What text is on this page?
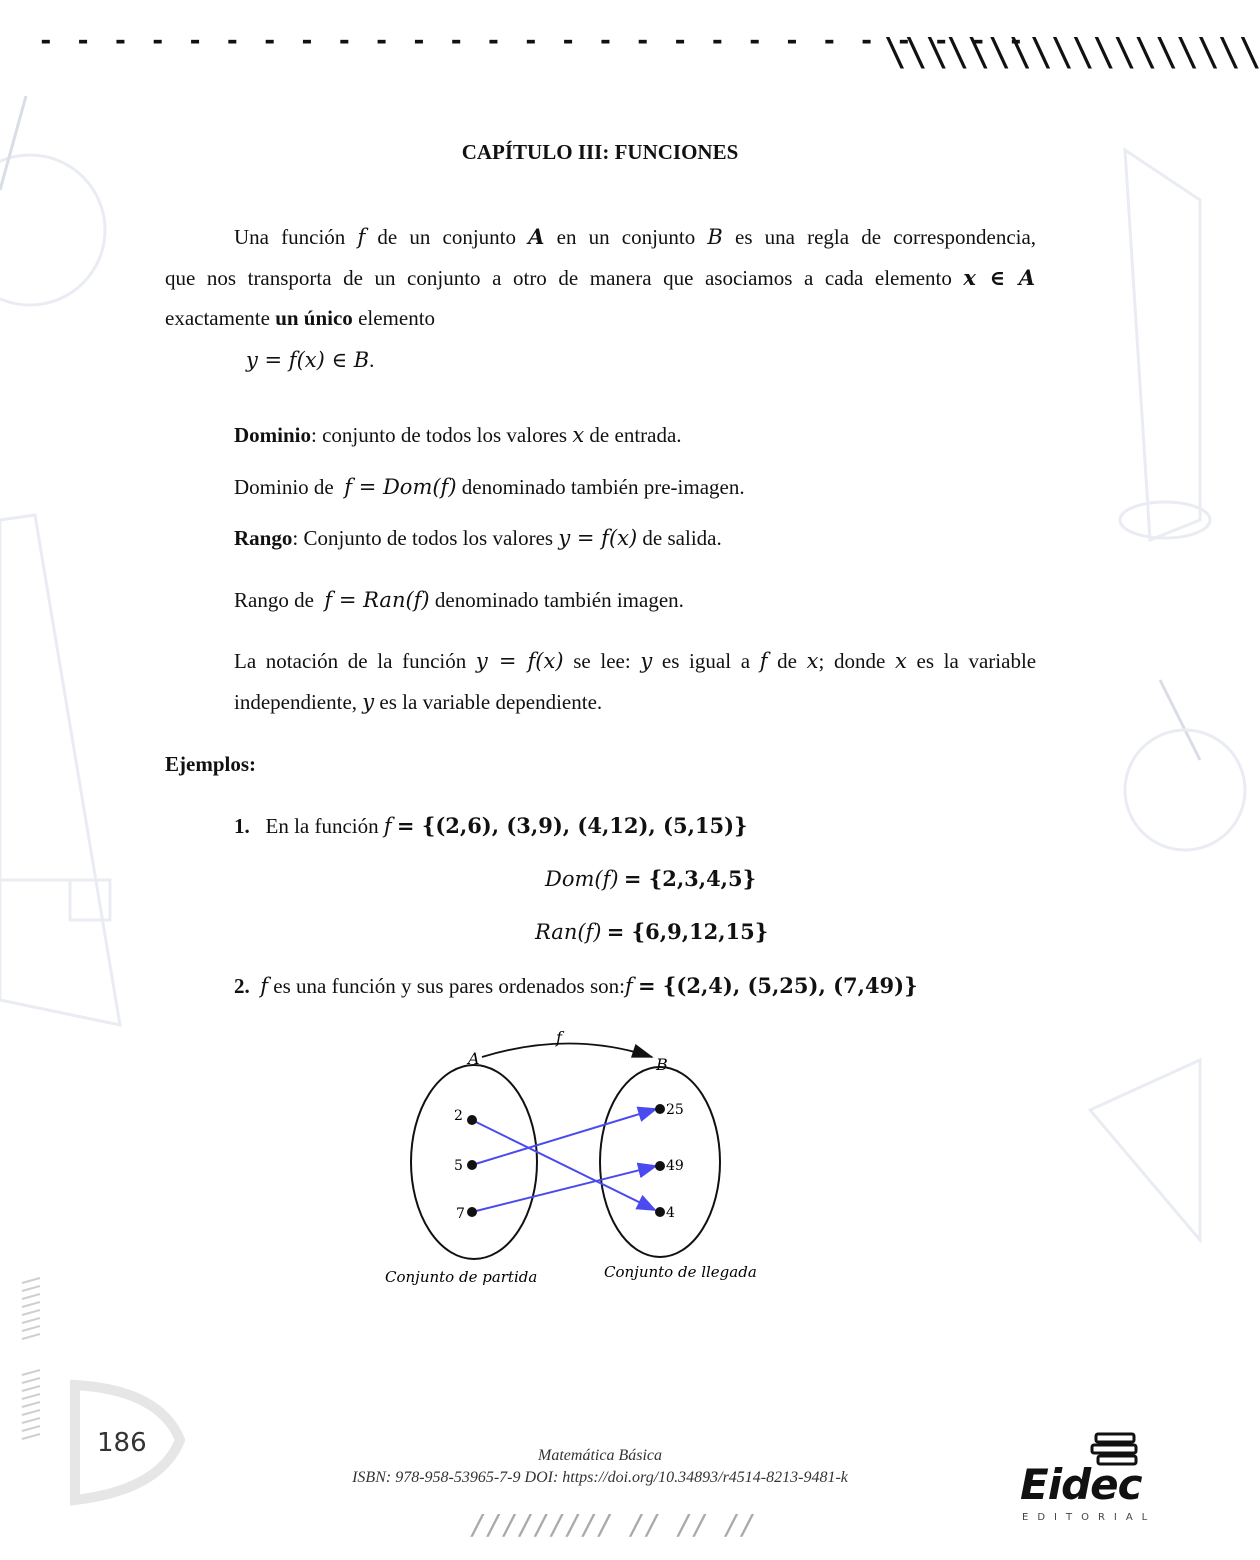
- - - - - - - - - - - - - - - - - - - - - - - - - - -
\\\\\\\\\\\\\\\\\\
CAPÍTULO III: FUNCIONES
Una función f de un conjunto A en un conjunto B es una regla de correspondencia,
que nos transporta de un conjunto a otro de manera que asociamos a cada elemento x ∈ A
exactamente un único elemento
y = f(x) ∈ B.
Dominio: conjunto de todos los valores x de entrada.
Dominio de f = Dom(f) denominado también pre-imagen.
Rango: Conjunto de todos los valores y = f(x) de salida.
Rango de f = Ran(f) denominado también imagen.
La notación de la función y = f(x) se lee: y es igual a f de x; donde x es la variable
independiente, y es la variable dependiente.
Ejemplos:
1. En la función f = {(2,6), (3,9), (4,12), (5,15)}
Dom(f) = {2,3,4,5}
Ran(f) = {6,9,12,15}
2. f es una función y sus pares ordenados son:f = {(2,4), (5,25), (7,49)}
f
A	B
2
5
7
25
49
4
Conjunto de partida	Conjunto de llegada
186	Matemática Básica
ISBN: 978-958-53965-7-9 DOI: https://doi.org/10.34893/r4514-8213-9481-k
///////// // // //
Eidec
EDITORIAL
